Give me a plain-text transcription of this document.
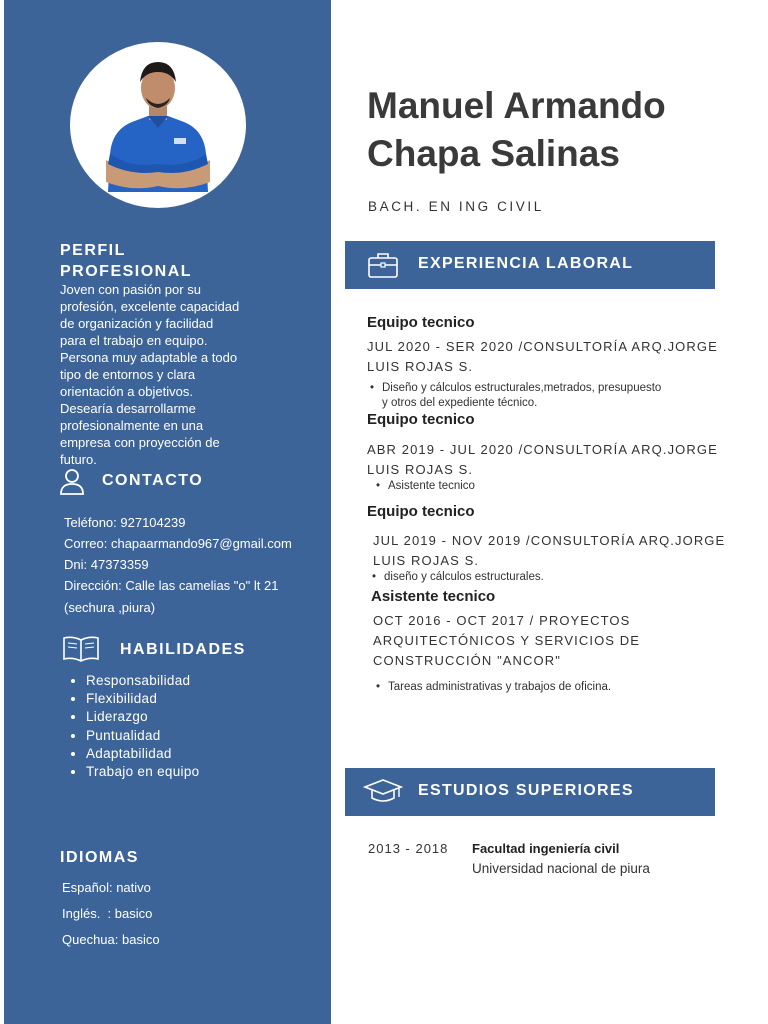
PERFIL
PROFESIONAL

Joven con pasión por su
profesión, excelente capacidad
de organización y facilidad
para el trabajo en equipo.
Persona muy adaptable a todo
tipo de entornos y clara
orientación a objetivos.
Desearía desarrollarme
profesionalmente en una
empresa con proyección de
futuro.

CONTACTO

Teléfono: 927104239

Correo: chapaarmando967@gmail.com

Dni: 47373359

Dirección: Calle las camelias "o" lt 21

(sechura ,piura)

HABILIDADES

• Responsabilidad
• Flexibilidad
• Liderazgo
• Puntualidad
• Adaptabilidad
• Trabajo en equipo

IDIOMAS

Español: nativo

Inglés.  : basico

Quechua: basico

Manuel Armando
Chapa Salinas

BACH. EN ING CIVIL

EXPERIENCIA LABORAL

Equipo tecnico

JUL 2020 - SER 2020 /CONSULTORÍA ARQ.JORGE
LUIS ROJAS S.
• Diseño y cálculos estructurales,metrados, presupuesto
y otros del expediente técnico.

Equipo tecnico

ABR 2019 - JUL 2020 /CONSULTORÍA ARQ.JORGE
LUIS ROJAS S.
• Asistente tecnico

Equipo tecnico

JUL 2019 - NOV 2019 /CONSULTORÍA ARQ.JORGE
LUIS ROJAS S.
• diseño y cálculos estructurales.

Asistente tecnico

OCT 2016 - OCT 2017 / PROYECTOS
ARQUITECTÓNICOS Y SERVICIOS DE
CONSTRUCCIÓN "ANCOR"
• Tareas administrativas y trabajos de oficina.
ESTUDIOS SUPERIORES

2013 - 2018 Facultad ingeniería civil

Universidad nacional de piura
